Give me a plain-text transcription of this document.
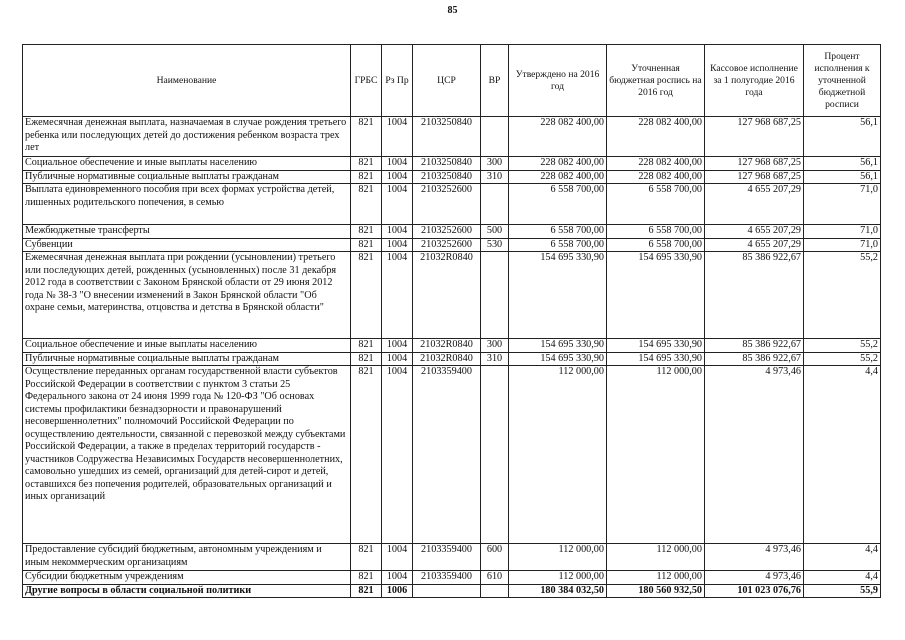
85
Наименование	ГРБС	Рз Пр	ЦСР	ВР	Утверждено на 2016 год	Уточненная бюджетная роспись на 2016 год	Кассовое исполнение за 1 полугодие 2016 года	Процент исполнения к уточненной бюджетной росписи
Ежемесячная денежная выплата, назначаемая в случае рождения третьего ребенка или последующих детей до достижения ребенком возраста трех лет	821	1004	2103250840		228 082 400,00	228 082 400,00	127 968 687,25	56,1
Социальное обеспечение и иные выплаты населению	821	1004	2103250840	300	228 082 400,00	228 082 400,00	127 968 687,25	56,1
Публичные нормативные социальные выплаты гражданам	821	1004	2103250840	310	228 082 400,00	228 082 400,00	127 968 687,25	56,1
Выплата единовременного пособия при всех формах устройства детей, лишенных родительского попечения, в семью	821	1004	2103252600		6 558 700,00	6 558 700,00	4 655 207,29	71,0
Межбюджетные трансферты	821	1004	2103252600	500	6 558 700,00	6 558 700,00	4 655 207,29	71,0
Субвенции	821	1004	2103252600	530	6 558 700,00	6 558 700,00	4 655 207,29	71,0
Ежемесячная денежная выплата при рождении (усыновлении) третьего или последующих детей, рожденных (усыновленных) после 31 декабря 2012 года в соответствии с Законом Брянской области от 29 июня 2012 года № 38-З "О внесении изменений в Закон Брянской области "Об охране семьи, материнства, отцовства и детства в Брянской области"	821	1004	21032R0840		154 695 330,90	154 695 330,90	85 386 922,67	55,2
Социальное обеспечение и иные выплаты населению	821	1004	21032R0840	300	154 695 330,90	154 695 330,90	85 386 922,67	55,2
Публичные нормативные социальные выплаты гражданам	821	1004	21032R0840	310	154 695 330,90	154 695 330,90	85 386 922,67	55,2
Осуществление переданных органам государственной власти субъектов Российской Федерации в соответствии с пунктом 3 статьи 25 Федерального закона от 24 июня 1999 года № 120-ФЗ "Об основах системы профилактики безнадзорности и правонарушений несовершеннолетних" полномочий Российской Федерации по осуществлению деятельности, связанной с перевозкой между субъектами Российской Федерации, а также в пределах территорий государств - участников Содружества Независимых Государств несовершеннолетних, самовольно ушедших из семей, организаций для детей-сирот и детей, оставшихся без попечения родителей, образовательных организаций и иных организаций	821	1004	2103359400		112 000,00	112 000,00	4 973,46	4,4
Предоставление субсидий бюджетным, автономным учреждениям и иным некоммерческим организациям	821	1004	2103359400	600	112 000,00	112 000,00	4 973,46	4,4
Субсидии бюджетным учреждениям	821	1004	2103359400	610	112 000,00	112 000,00	4 973,46	4,4
Другие вопросы в области социальной политики	821	1006			180 384 032,50	180 560 932,50	101 023 076,76	55,9
